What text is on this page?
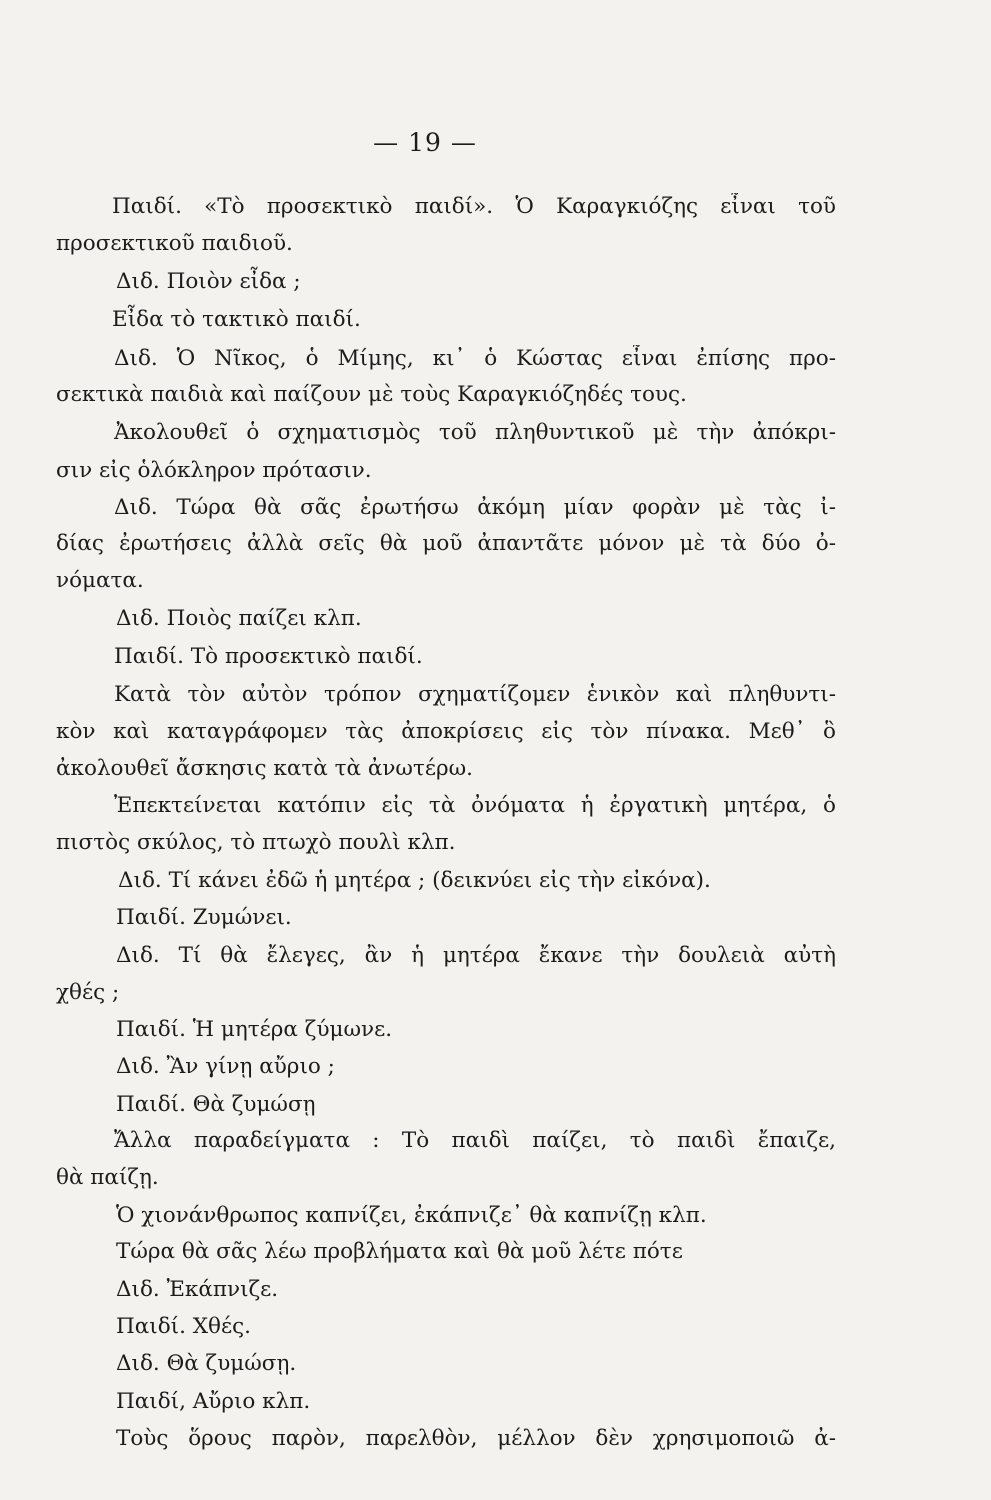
— 19 —
Παιδί. «Τὸ προσεκτικὸ παιδί». Ὁ Καραγκιόζης εἶναι τοῦ
προσεκτικοῦ παιδιοῦ.
Διδ. Ποιὸν εἶδα ;
Εἶδα τὸ τακτικὸ παιδί.
Διδ. Ὁ Νῖκος, ὁ Μίμης, κι᾽ ὁ Κώστας εἶναι ἐπίσης προ-
σεκτικὰ παιδιὰ καὶ παίζουν μὲ τοὺς Καραγκιόζηδές τους.
Ἀκολουθεῖ ὁ σχηματισμὸς τοῦ πληθυντικοῦ μὲ τὴν ἀπόκρι-
σιν εἰς ὁλόκληρον πρότασιν.
Διδ. Τώρα θὰ σᾶς ἐρωτήσω ἀκόμη μίαν φορὰν μὲ τὰς ἰ-
δίας ἐρωτήσεις ἀλλὰ σεῖς θὰ μοῦ ἀπαντᾶτε μόνον μὲ τὰ δύο ὀ-
νόματα.
Διδ. Ποιὸς παίζει κλπ.
Παιδί. Τὸ προσεκτικὸ παιδί.
Κατὰ τὸν αὐτὸν τρόπον σχηματίζομεν ἑνικὸν καὶ πληθυντι-
κὸν καὶ καταγράφομεν τὰς ἀποκρίσεις εἰς τὸν πίνακα. Μεθ᾽ ὃ
ἀκολουθεῖ ἄσκησις κατὰ τὰ ἀνωτέρω.
Ἐπεκτείνεται κατόπιν εἰς τὰ ὀνόματα ἡ ἐργατικὴ μητέρα, ὁ
πιστὸς σκύλος, τὸ πτωχὸ πουλὶ κλπ.
Διδ. Τί κάνει ἐδῶ ἡ μητέρα ; (δεικνύει εἰς τὴν εἰκόνα).
Παιδί. Ζυμώνει.
Διδ. Τί θὰ ἔλεγες, ἂν ἡ μητέρα ἔκανε τὴν δουλειὰ αὐτὴ
χθές ;
Παιδί. Ἡ μητέρα ζύμωνε.
Διδ. Ἂν γίνῃ αὔριο ;
Παιδί. Θὰ ζυμώσῃ
Ἄλλα παραδείγματα : Τὸ παιδὶ παίζει, τὸ παιδὶ ἔπαιζε,
θὰ παίζῃ.
Ὁ χιονάνθρωπος καπνίζει, ἐκάπνιζε᾽ θὰ καπνίζῃ κλπ.
Τώρα θὰ σᾶς λέω προβλήματα καὶ θὰ μοῦ λέτε πότε
Διδ. Ἐκάπνιζε.
Παιδί. Χθές.
Διδ. Θὰ ζυμώσῃ.
Παιδί, Αὔριο κλπ.
Τοὺς ὅρους παρὸν, παρελθὸν, μέλλον δὲν χρησιμοποιῶ ἀ-
